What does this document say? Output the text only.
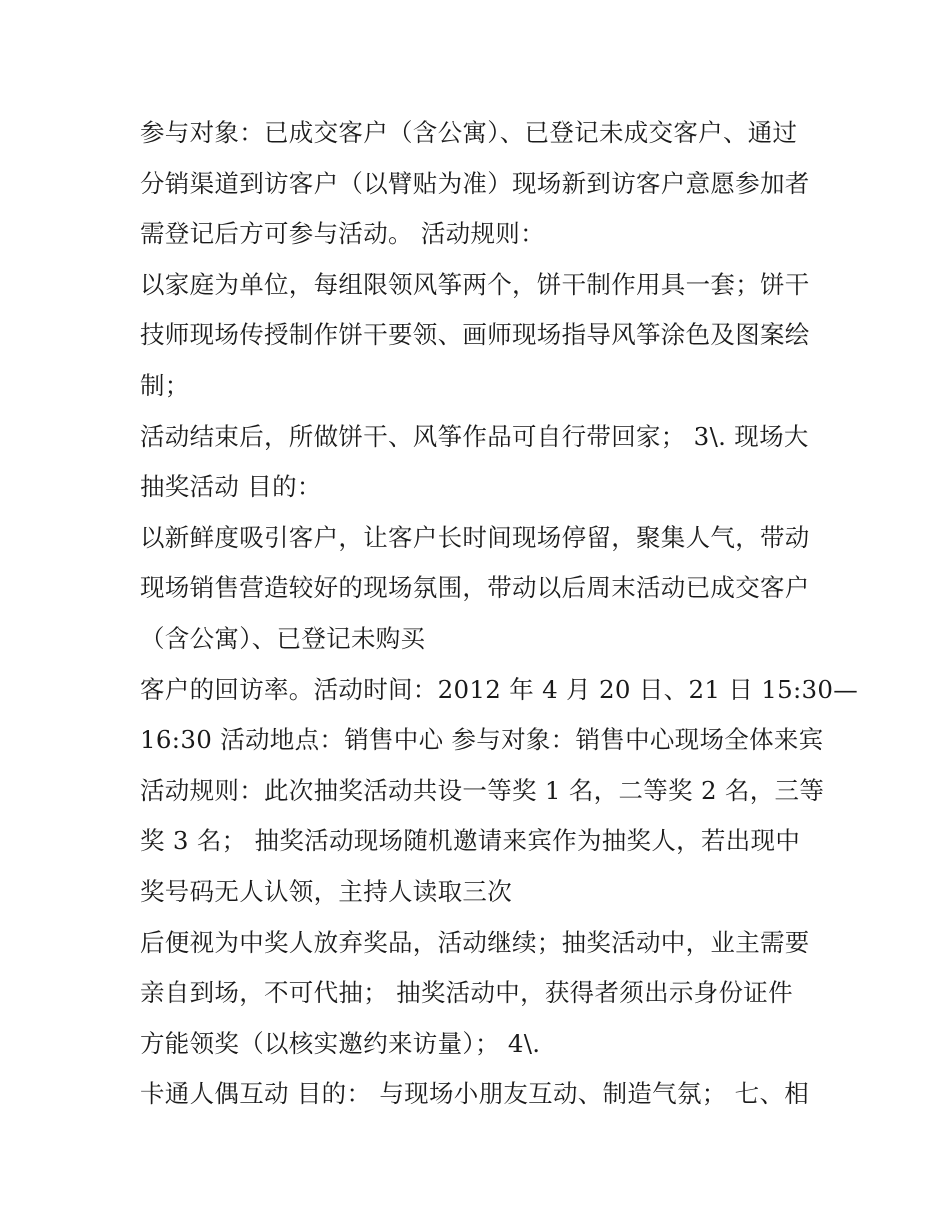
参与对象：已成交客户（含公寓）、已登记未成交客户、通过
分销渠道到访客户（以臂贴为准）现场新到访客户意愿参加者
需登记后方可参与活动。 活动规则：
以家庭为单位，每组限领风筝两个，饼干制作用具一套；饼干
技师现场传授制作饼干要领、画师现场指导风筝涂色及图案绘
制；
活动结束后，所做饼干、风筝作品可自行带回家； 3\. 现场大
抽奖活动 目的：
以新鲜度吸引客户，让客户长时间现场停留，聚集人气，带动
现场销售营造较好的现场氛围，带动以后周末活动已成交客户
（含公寓）、已登记未购买
客户的回访率。活动时间：2012 年 4 月 20 日、21 日 15:30—
16:30 活动地点：销售中心 参与对象：销售中心现场全体来宾
活动规则：此次抽奖活动共设一等奖 1 名，二等奖 2 名，三等
奖 3 名； 抽奖活动现场随机邀请来宾作为抽奖人，若出现中
奖号码无人认领，主持人读取三次
后便视为中奖人放弃奖品，活动继续；抽奖活动中，业主需要
亲自到场，不可代抽； 抽奖活动中，获得者须出示身份证件
方能领奖（以核实邀约来访量）； 4\.
卡通人偶互动 目的： 与现场小朋友互动、制造气氛； 七、相
